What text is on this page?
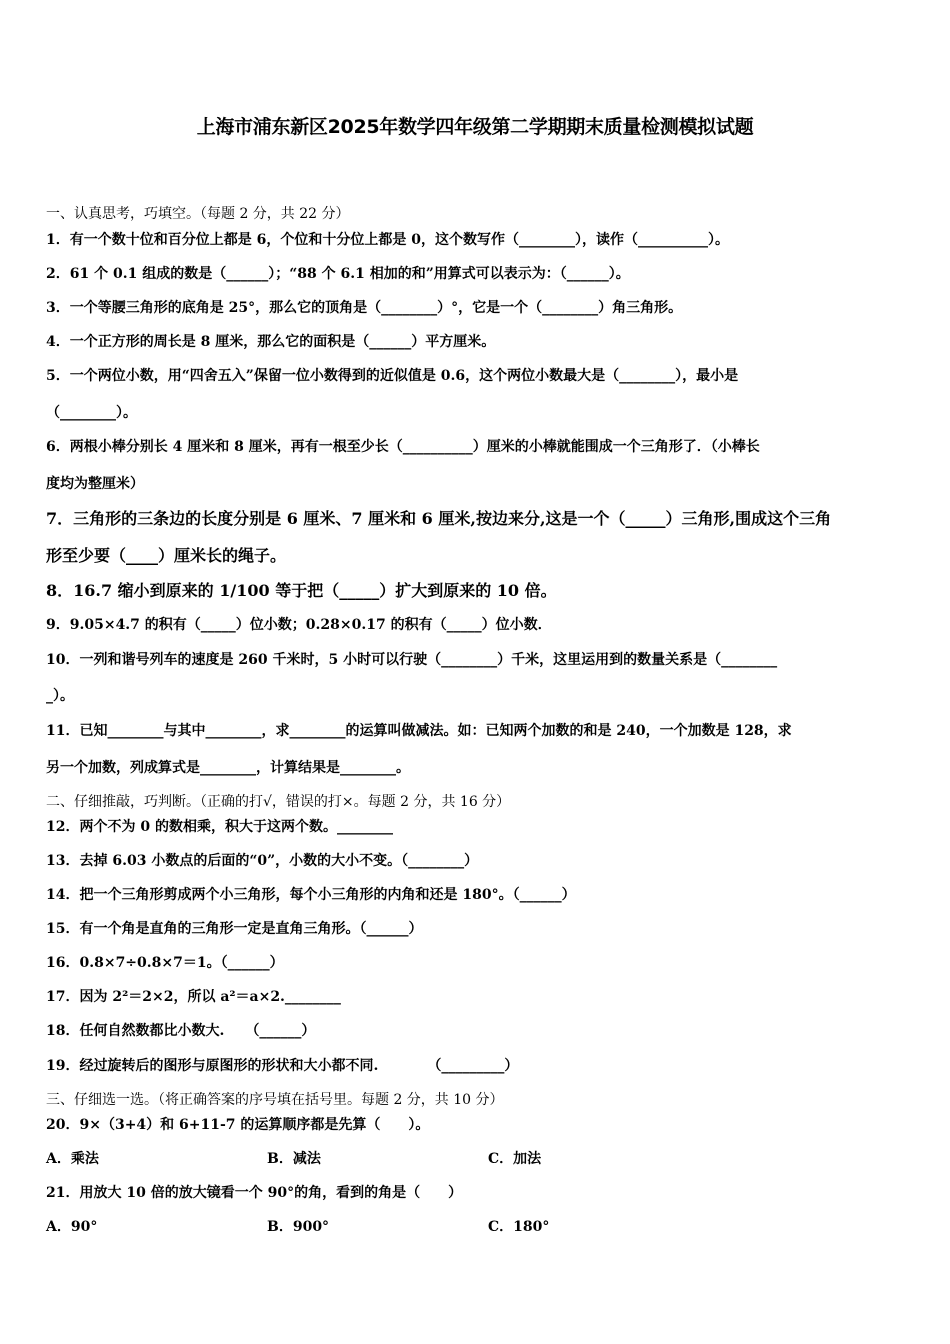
上海市浦东新区2025年数学四年级第二学期期末质量检测模拟试题
一、认真思考，巧填空。（每题 2 分，共 22 分）
1．有一个数十位和百分位上都是 6，个位和十分位上都是 0，这个数写作（________），读作（__________）。
2．61 个 0.1 组成的数是（______）；“88 个 6.1 相加的和”用算式可以表示为：（______）。
3．一个等腰三角形的底角是 25°，那么它的顶角是（________）°，它是一个（________）角三角形。
4．一个正方形的周长是 8 厘米，那么它的面积是（______）平方厘米。
5．一个两位小数，用“四舍五入”保留一位小数得到的近似值是 0.6，这个两位小数最大是（________），最小是
（________）。
6．两根小棒分别长 4 厘米和 8 厘米，再有一根至少长（__________）厘米的小棒就能围成一个三角形了．（小棒长
度均为整厘米）
7．三角形的三条边的长度分别是 6 厘米、7 厘米和 6 厘米,按边来分,这是一个（_____）三角形,围成这个三角
形至少要（____）厘米长的绳子。
8．16.7 缩小到原来的 1/100 等于把（_____）扩大到原来的 10 倍。
9．9.05×4.7 的积有（_____）位小数；0.28×0.17 的积有（_____）位小数．
10．一列和谐号列车的速度是 260 千米时，5 小时可以行驶（________）千米，这里运用到的数量关系是（________
_）。
11．已知________与其中________，求________的运算叫做减法。如：已知两个加数的和是 240，一个加数是 128，求
另一个加数，列成算式是________，计算结果是________。
二、仔细推敲，巧判断。（正确的打√，错误的打×。每题 2 分，共 16 分）
12．两个不为 0 的数相乘，积大于这两个数。________
13．去掉 6.03 小数点的后面的“0”，小数的大小不变。（________）
14．把一个三角形剪成两个小三角形，每个小三角形的内角和还是 180°。（______）
15．有一个角是直角的三角形一定是直角三角形。（______）
16．0.8×7÷0.8×7＝1。（______）
17．因为 2²＝2×2，所以 a²＝a×2.________
18．任何自然数都比小数大.　　（______）
19．经过旋转后的图形与原图形的形状和大小都不同.　　　　（_________）
三、仔细选一选。（将正确答案的序号填在括号里。每题 2 分，共 10 分）
20．9×（3+4）和 6+11-7 的运算顺序都是先算（　　）。
A．乘法	B．减法	C．加法
21．用放大 10 倍的放大镜看一个 90°的角，看到的角是（　　）
A．90°	B．900°	C．180°
